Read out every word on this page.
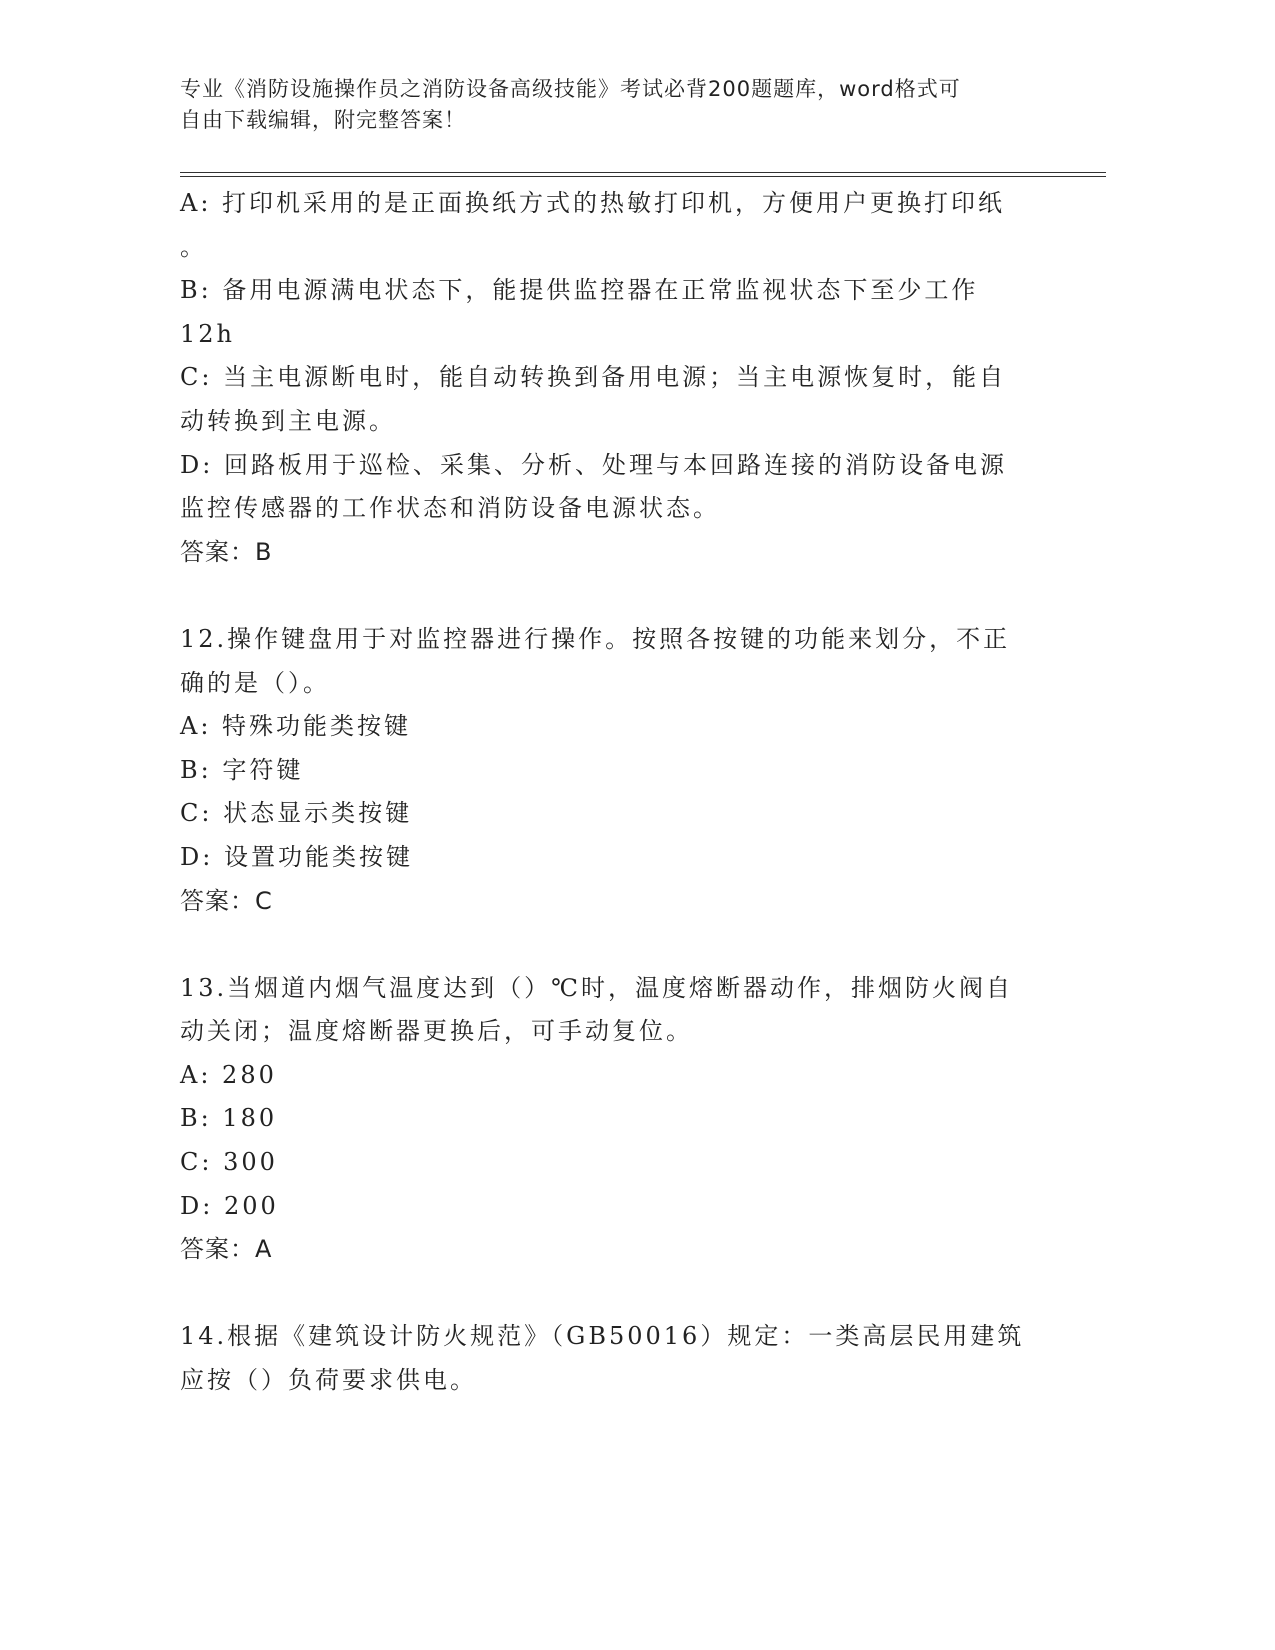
专业《消防设施操作员之消防设备高级技能》考试必背200题题库，word格式可

自由下载编辑，附完整答案！

A: 打印机采用的是正面换纸方式的热敏打印机，方便用户更换打印纸

。

B: 备用电源满电状态下，能提供监控器在正常监视状态下至少工作

12h

C: 当主电源断电时，能自动转换到备用电源；当主电源恢复时，能自

动转换到主电源。

D: 回路板用于巡检、采集、分析、处理与本回路连接的消防设备电源

监控传感器的工作状态和消防设备电源状态。

答案：B

12.操作键盘用于对监控器进行操作。按照各按键的功能来划分，不正

确的是（）。

A: 特殊功能类按键

B: 字符键

C: 状态显示类按键

D: 设置功能类按键

答案：C

13.当烟道内烟气温度达到（）℃时，温度熔断器动作，排烟防火阀自

动关闭；温度熔断器更换后，可手动复位。

A: 280

B: 180

C: 300

D: 200

答案：A

14.根据《建筑设计防火规范》（GB50016）规定：一类高层民用建筑

应按（）负荷要求供电。
